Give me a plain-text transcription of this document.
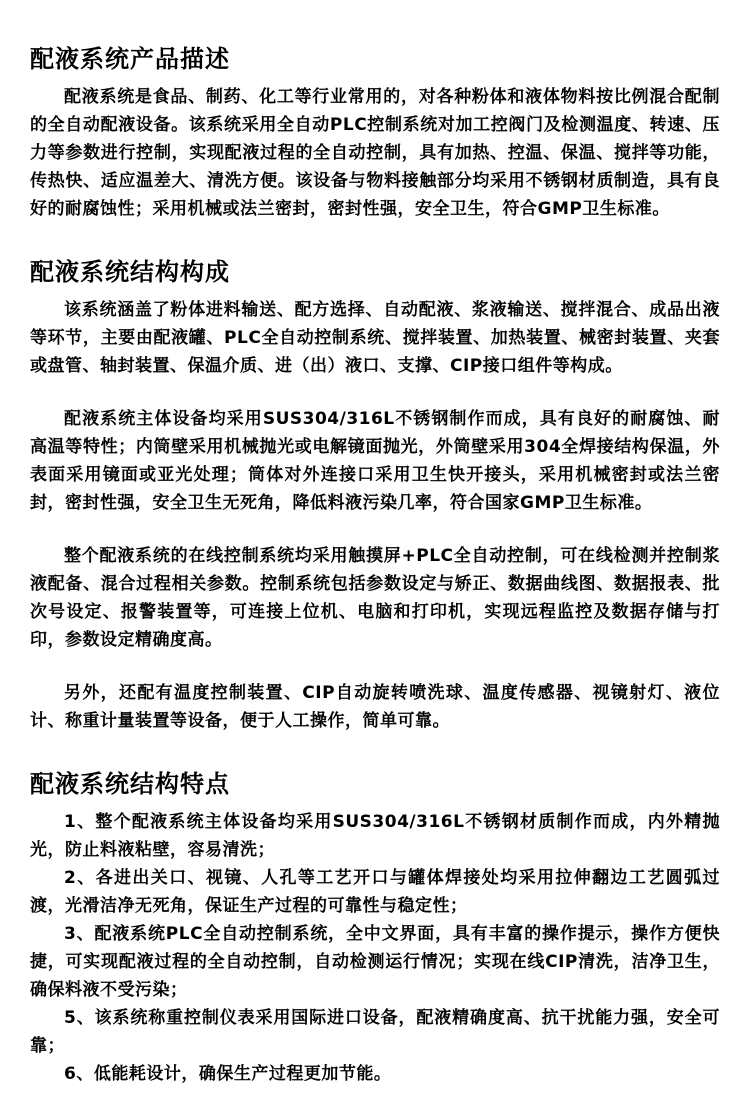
配液系统产品描述

配液系统是食品、制药、化工等行业常用的，对各种粉体和液体物料按比例混合配制的全自动配液设备。该系统采用全自动PLC控制系统对加工控阀门及检测温度、转速、压力等参数进行控制，实现配液过程的全自动控制，具有加热、控温、保温、搅拌等功能，传热快、适应温差大、清洗方便。该设备与物料接触部分均采用不锈钢材质制造，具有良好的耐腐蚀性；采用机械或法兰密封，密封性强，安全卫生，符合GMP卫生标准。

配液系统结构构成

该系统涵盖了粉体进料输送、配方选择、自动配液、浆液输送、搅拌混合、成品出液等环节，主要由配液罐、PLC全自动控制系统、搅拌装置、加热装置、械密封装置、夹套或盘管、轴封装置、保温介质、进（出）液口、支撑、CIP接口组件等构成。

配液系统主体设备均采用SUS304/316L不锈钢制作而成，具有良好的耐腐蚀、耐高温等特性；内筒壁采用机械抛光或电解镜面抛光，外筒壁采用304全焊接结构保温，外表面采用镜面或亚光处理；筒体对外连接口采用卫生快开接头，采用机械密封或法兰密封，密封性强，安全卫生无死角，降低料液污染几率，符合国家GMP卫生标准。

整个配液系统的在线控制系统均采用触摸屏+PLC全自动控制，可在线检测并控制浆液配备、混合过程相关参数。控制系统包括参数设定与矫正、数据曲线图、数据报表、批次号设定、报警装置等，可连接上位机、电脑和打印机，实现远程监控及数据存储与打印，参数设定精确度高。

另外，还配有温度控制装置、CIP自动旋转喷洗球、温度传感器、视镜射灯、液位计、称重计量装置等设备，便于人工操作，简单可靠。

配液系统结构特点

1、整个配液系统主体设备均采用SUS304/316L不锈钢材质制作而成，内外精抛光，防止料液粘壁，容易清洗；

2、各进出关口、视镜、人孔等工艺开口与罐体焊接处均采用拉伸翻边工艺圆弧过渡，光滑洁净无死角，保证生产过程的可靠性与稳定性；

3、配液系统PLC全自动控制系统，全中文界面，具有丰富的操作提示，操作方便快捷，可实现配液过程的全自动控制，自动检测运行情况；实现在线CIP清洗，洁净卫生，确保料液不受污染；

5、该系统称重控制仪表采用国际进口设备，配液精确度高、抗干扰能力强，安全可靠；

6、低能耗设计，确保生产过程更加节能。
